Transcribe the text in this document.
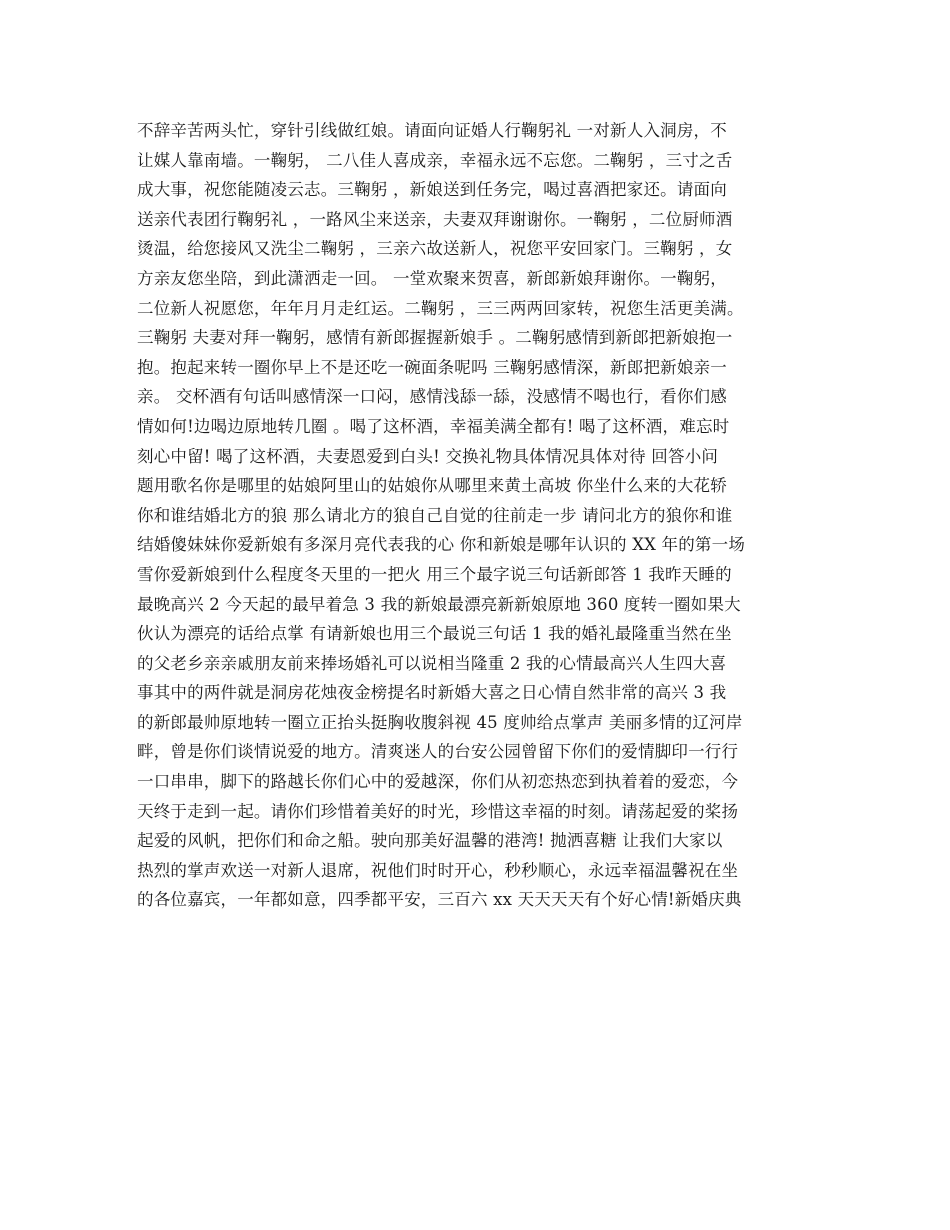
不辞辛苦两头忙，穿针引线做红娘。请面向证婚人行鞠躬礼 一对新人入洞房，不
让媒人靠南墙。一鞠躬， 二八佳人喜成亲，幸福永远不忘您。二鞠躬 ，三寸之舌
成大事，祝您能随凌云志。三鞠躬 ，新娘送到任务完，喝过喜酒把家还。请面向
送亲代表团行鞠躬礼 ，一路风尘来送亲，夫妻双拜谢谢你。一鞠躬 ，二位厨师酒
烫温，给您接风又洗尘二鞠躬 ，三亲六故送新人，祝您平安回家门。三鞠躬 ，女
方亲友您坐陪，到此潇洒走一回。 一堂欢聚来贺喜，新郎新娘拜谢你。一鞠躬，
二位新人祝愿您，年年月月走红运。二鞠躬 ，三三两两回家转，祝您生活更美满。
三鞠躬 夫妻对拜一鞠躬，感情有新郎握握新娘手 。二鞠躬感情到新郎把新娘抱一
抱。抱起来转一圈你早上不是还吃一碗面条呢吗 三鞠躬感情深，新郎把新娘亲一
亲。 交杯酒有句话叫感情深一口闷，感情浅舔一舔，没感情不喝也行，看你们感
情如何!边喝边原地转几圈 。喝了这杯酒，幸福美满全都有! 喝了这杯酒，难忘时
刻心中留! 喝了这杯酒，夫妻恩爱到白头! 交换礼物具体情况具体对待 回答小问
题用歌名你是哪里的姑娘阿里山的姑娘你从哪里来黄土高坡 你坐什么来的大花轿
你和谁结婚北方的狼 那么请北方的狼自己自觉的往前走一步 请问北方的狼你和谁
结婚傻妹妹你爱新娘有多深月亮代表我的心 你和新娘是哪年认识的 XX 年的第一场
雪你爱新娘到什么程度冬天里的一把火 用三个最字说三句话新郎答 1 我昨天睡的
最晚高兴 2 今天起的最早着急 3 我的新娘最漂亮新新娘原地 360 度转一圈如果大
伙认为漂亮的话给点掌 有请新娘也用三个最说三句话 1 我的婚礼最隆重当然在坐
的父老乡亲亲戚朋友前来捧场婚礼可以说相当隆重 2 我的心情最高兴人生四大喜
事其中的两件就是洞房花烛夜金榜提名时新婚大喜之日心情自然非常的高兴 3 我
的新郎最帅原地转一圈立正抬头挺胸收腹斜视 45 度帅给点掌声 美丽多情的辽河岸
畔，曾是你们谈情说爱的地方。清爽迷人的台安公园曾留下你们的爱情脚印一行行
一口串串，脚下的路越长你们心中的爱越深，你们从初恋热恋到执着着的爱恋，今
天终于走到一起。请你们珍惜着美好的时光，珍惜这幸福的时刻。请荡起爱的桨扬
起爱的风帆，把你们和命之船。驶向那美好温馨的港湾! 抛洒喜糖 让我们大家以
热烈的掌声欢送一对新人退席，祝他们时时开心，秒秒顺心，永远幸福温馨祝在坐
的各位嘉宾，一年都如意，四季都平安，三百六 xx 天天天天有个好心情!新婚庆典
